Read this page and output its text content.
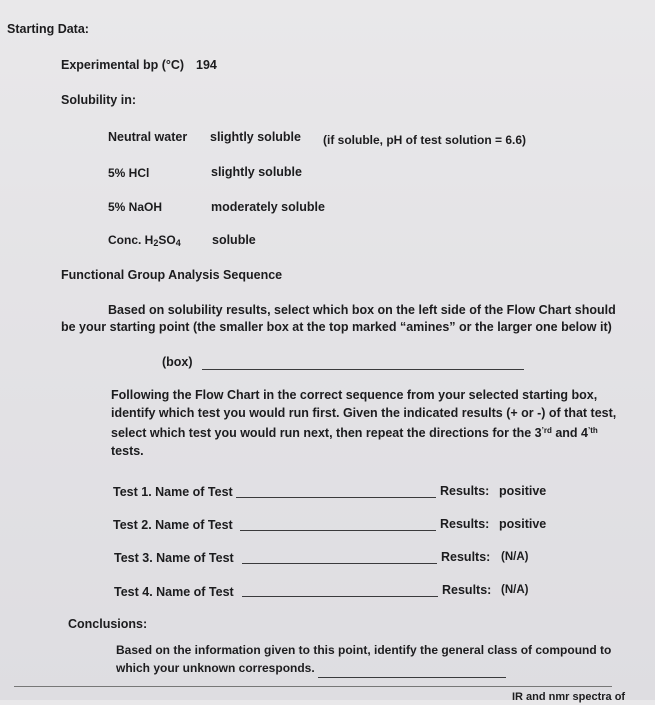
Starting Data:
Experimental bp (°C) 194
Solubility in:
Neutral water slightly soluble (if soluble, pH of test solution = 6.6)
5% HCl	slightly soluble
5% NaOH	moderately soluble
Conc. $H_2SO_4$	soluble
Functional Group Analysis Sequence
Based on solubility results, select which box on the left side of the Flow Chart should be your starting point (the smaller box at the top marked “amines” or the larger one below it)
(box)
Following the Flow Chart in the correct sequence from your selected starting box, identify which test you would run first. Given the indicated results (+ or -) of that test, select which test you would run next, then repeat the directions for the $3^{’rd}$ and $4^{’th}$ tests.
Test 1. Name of Test	Results: positive
Test 2. Name of Test	Results: positive
Test 3. Name of Test	Results: (N/A)
Test 4. Name of Test	Results: (N/A)
Conclusions:
Based on the information given to this point, identify the general class of compound to which your unknown corresponds.
IR and nmr spectra of
